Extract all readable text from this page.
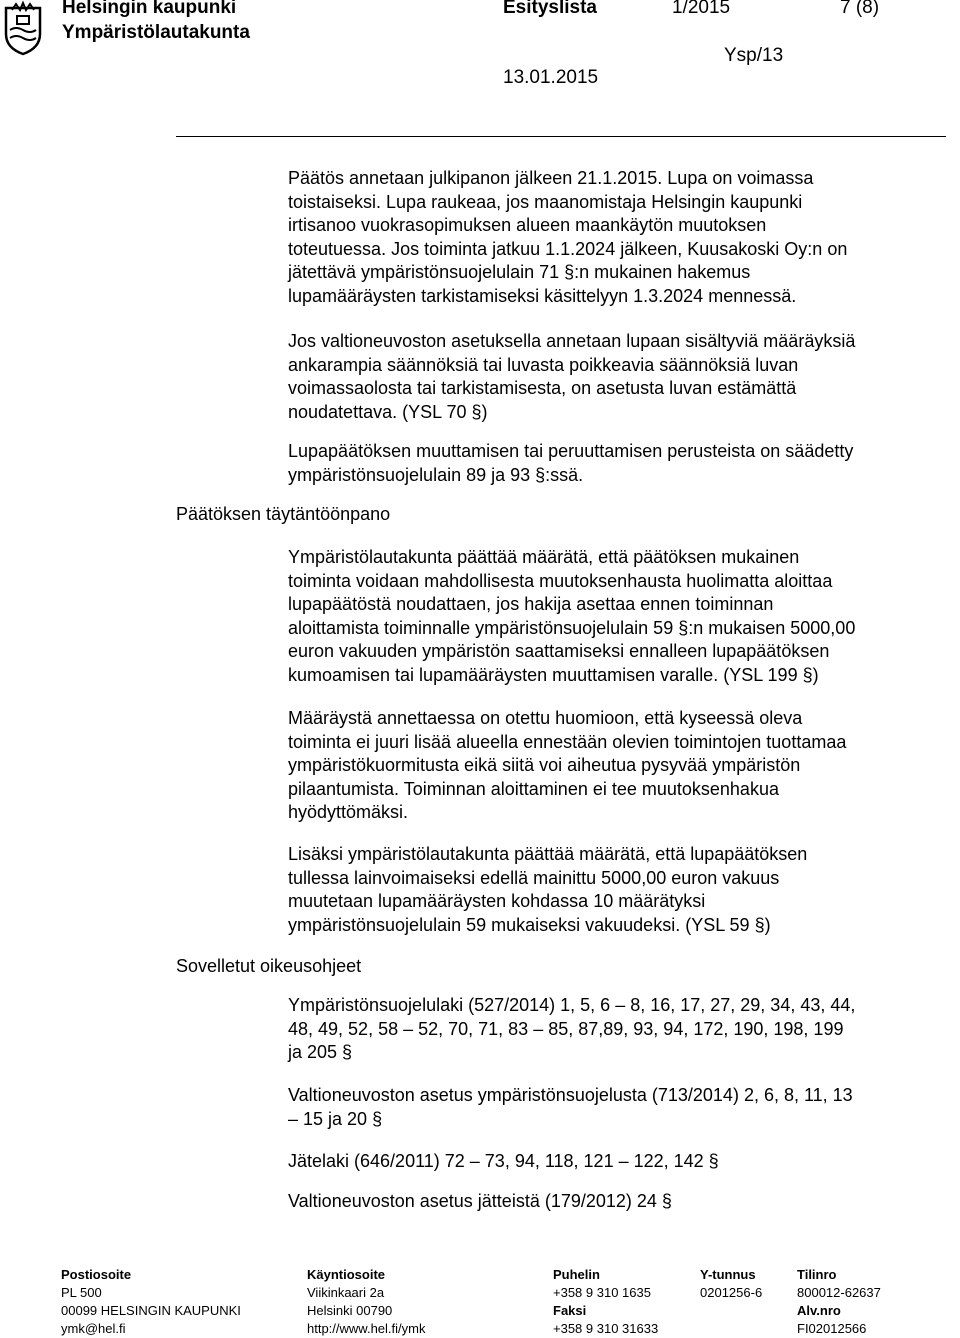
Helsingin kaupunki
Ympäristölautakunta
Esityslista	1/2015	7 (8)
Ysp/13
13.01.2015
Päätöksen täytäntöönpano
Sovelletut oikeusohjeet
Päätös annetaan julkipanon jälkeen 21.1.2015. Lupa on voimassa
toistaiseksi. Lupa raukeaa, jos maanomistaja Helsingin kaupunki
irtisanoo vuokrasopimuksen alueen maankäytön muutoksen
toteutuessa. Jos toiminta jatkuu 1.1.2024 jälkeen, Kuusakoski Oy:n on
jätettävä ympäristönsuojelulain 71 §:n mukainen hakemus
lupamääräysten tarkistamiseksi käsittelyyn 1.3.2024 mennessä.
Jos valtioneuvoston asetuksella annetaan lupaan sisältyviä määräyksiä
ankarampia säännöksiä tai luvasta poikkeavia säännöksiä luvan
voimassaolosta tai tarkistamisesta, on asetusta luvan estämättä
noudatettava. (YSL 70 §)
Lupapäätöksen muuttamisen tai peruuttamisen perusteista on säädetty
ympäristönsuojelulain 89 ja 93 §:ssä.
Ympäristölautakunta päättää määrätä, että päätöksen mukainen
toiminta voidaan mahdollisesta muutoksenhausta huolimatta aloittaa
lupapäätöstä noudattaen, jos hakija asettaa ennen toiminnan
aloittamista toiminnalle ympäristönsuojelulain 59 §:n mukaisen 5000,00
euron vakuuden ympäristön saattamiseksi ennalleen lupapäätöksen
kumoamisen tai lupamääräysten muuttamisen varalle. (YSL 199 §)
Määräystä annettaessa on otettu huomioon, että kyseessä oleva
toiminta ei juuri lisää alueella ennestään olevien toimintojen tuottamaa
ympäristökuormitusta eikä siitä voi aiheutua pysyvää ympäristön
pilaantumista. Toiminnan aloittaminen ei tee muutoksenhakua
hyödyttömäksi.
Lisäksi ympäristölautakunta päättää määrätä, että lupapäätöksen
tullessa lainvoimaiseksi edellä mainittu 5000,00 euron vakuus
muutetaan lupamääräysten kohdassa 10 määrätyksi
ympäristönsuojelulain 59 mukaiseksi vakuudeksi. (YSL 59 §)
Ympäristönsuojelulaki (527/2014) 1, 5, 6 – 8, 16, 17, 27, 29, 34, 43, 44,
48, 49, 52, 58 – 52, 70, 71, 83 – 85, 87,89, 93, 94, 172, 190, 198, 199
ja 205 §
Valtioneuvoston asetus ympäristönsuojelusta (713/2014) 2, 6, 8, 11, 13
– 15 ja 20 §
Jätelaki (646/2011) 72 – 73, 94, 118, 121 – 122, 142 §
Valtioneuvoston asetus jätteistä (179/2012) 24 §
Postiosoite
PL 500
00099 HELSINGIN KAUPUNKI
ymk@hel.fi
Käyntiosoite
Viikinkaari 2a
Helsinki 00790
http://www.hel.fi/ymk
Puhelin
+358 9 310 1635
Faksi
+358 9 310 31633
Y-tunnus
0201256-6
Tilinro
800012-62637
Alv.nro
FI02012566
